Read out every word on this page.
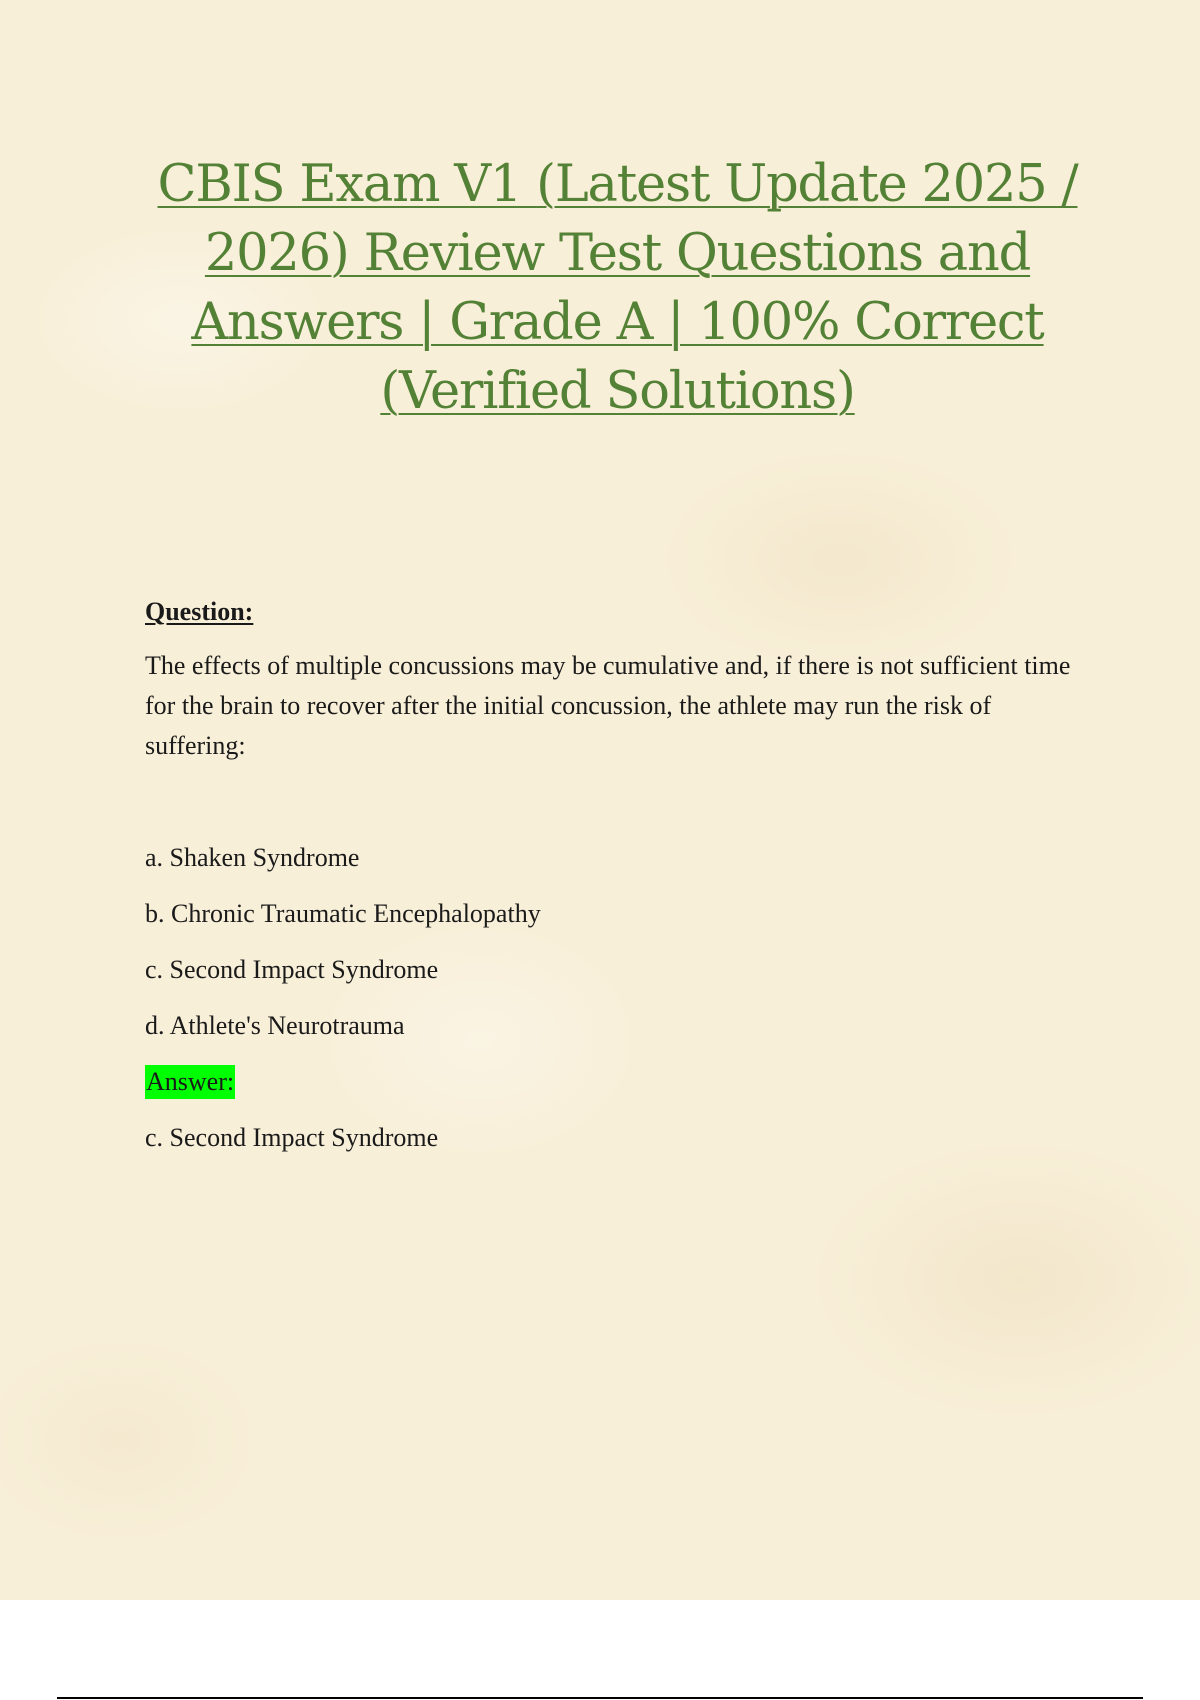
CBIS Exam V1 (Latest Update 2025 / 2026) Review Test Questions and Answers | Grade A | 100% Correct (Verified Solutions)

Question:

The effects of multiple concussions may be cumulative and, if there is not sufficient time for the brain to recover after the initial concussion, the athlete may run the risk of suffering:

a. Shaken Syndrome
b. Chronic Traumatic Encephalopathy
c. Second Impact Syndrome
d. Athlete's Neurotrauma

Answer:

c. Second Impact Syndrome
